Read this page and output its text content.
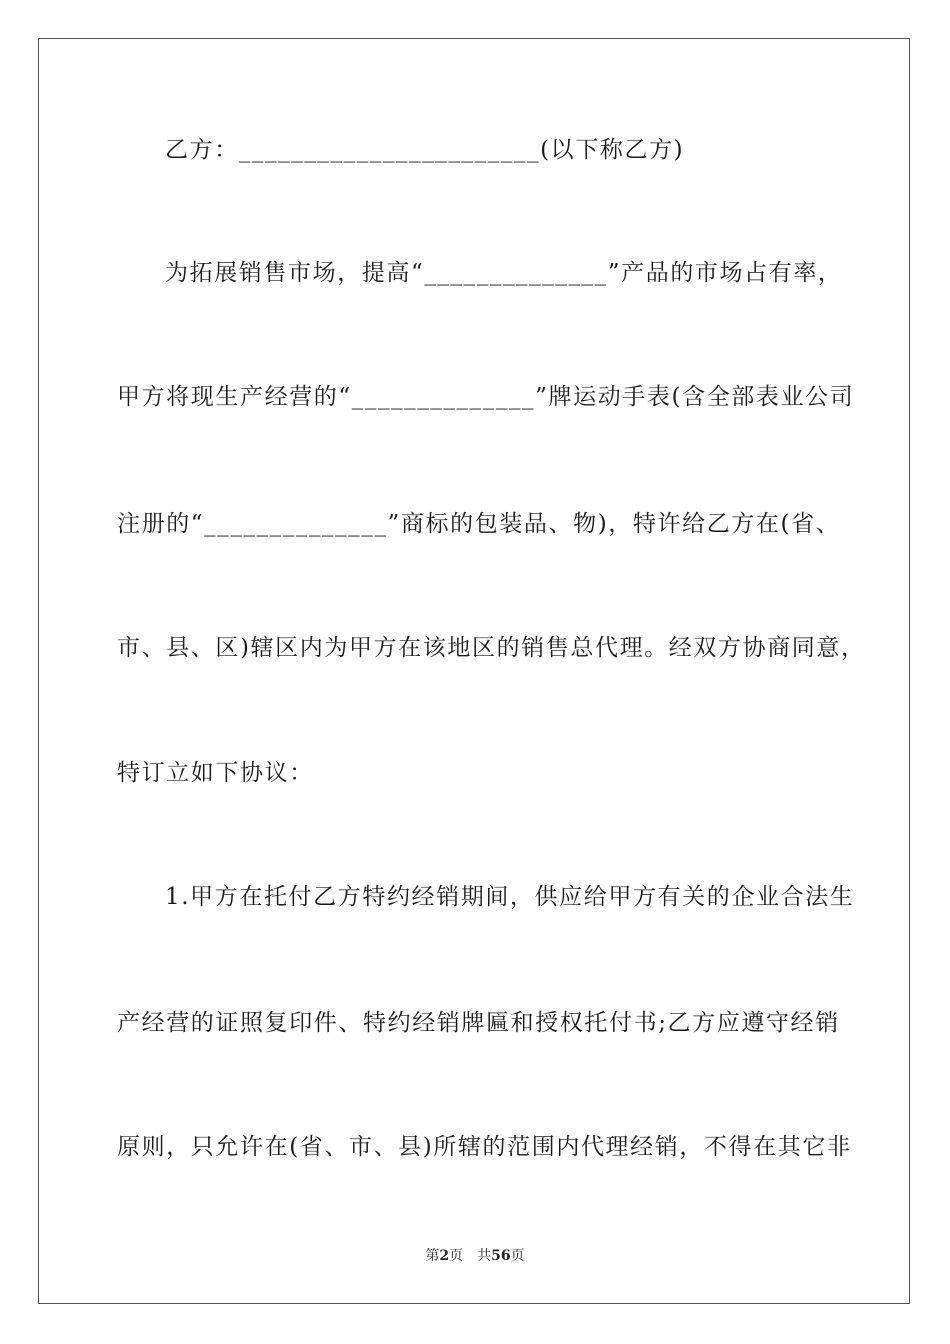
乙方：_______________________(以下称乙方)
为拓展销售市场，提高“______________”产品的市场占有率，
甲方将现生产经营的“______________”牌运动手表(含全部表业公司
注册的“______________”商标的包装品、物)，特许给乙方在(省、
市、县、区)辖区内为甲方在该地区的销售总代理。经双方协商同意，
特订立如下协议：
1.甲方在托付乙方特约经销期间，供应给甲方有关的企业合法生
产经营的证照复印件、特约经销牌匾和授权托付书;乙方应遵守经销
原则，只允许在(省、市、县)所辖的范围内代理经销，不得在其它非
第2页 共56页
